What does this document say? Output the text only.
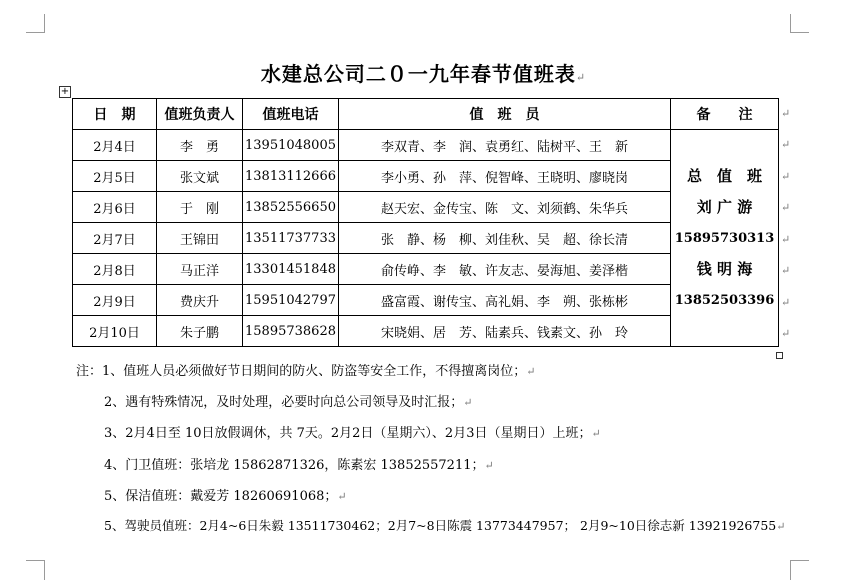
水建总公司二０一九年春节值班表↵
+
日　期	值班负责人	值班电话	值　班　员	备　　注
2月4日	李　勇	13951048005	李双青、李　润、袁勇红、陆树平、王　新	总　值　班
刘 广 游
15895730313
钱 明 海
13852503396

2月5日	张文斌	13813112666	李小勇、孙　萍、倪智峰、王晓明、廖晓岗	
2月6日	于　刚	13852556650	赵天宏、金传宝、陈　文、刘须鹤、朱华兵	
2月7日	王锦田	13511737733	张　静、杨　柳、刘佳秋、吴　超、徐长清	
2月8日	马正洋	13301451848	俞传峥、李　敏、许友志、晏海旭、姜泽楷	
2月9日	费庆升	15951042797	盛富霞、谢传宝、高礼娟、李　朔、张栋彬	
2月10日	朱子鹏	15895738628	宋晓娟、居　芳、陆素兵、钱素文、孙　玲	
↵
↵
↵
↵
↵
↵
↵
↵
注：1、值班人员必须做好节日期间的防火、防盗等安全工作，不得擅离岗位；↵
2、遇有特殊情况，及时处理，必要时向总公司领导及时汇报；↵
3、2月4日至 10日放假调休，共 7天。2月2日（星期六）、2月3日（星期日）上班；↵
4、门卫值班：张培龙 15862871326，陈素宏 13852557211；↵
5、保洁值班：戴爱芳 18260691068；↵
5、驾驶员值班：2月4~6日朱毅 13511730462；2月7~8日陈震 13773447957； 2月9~10日徐志新 13921926755↵
